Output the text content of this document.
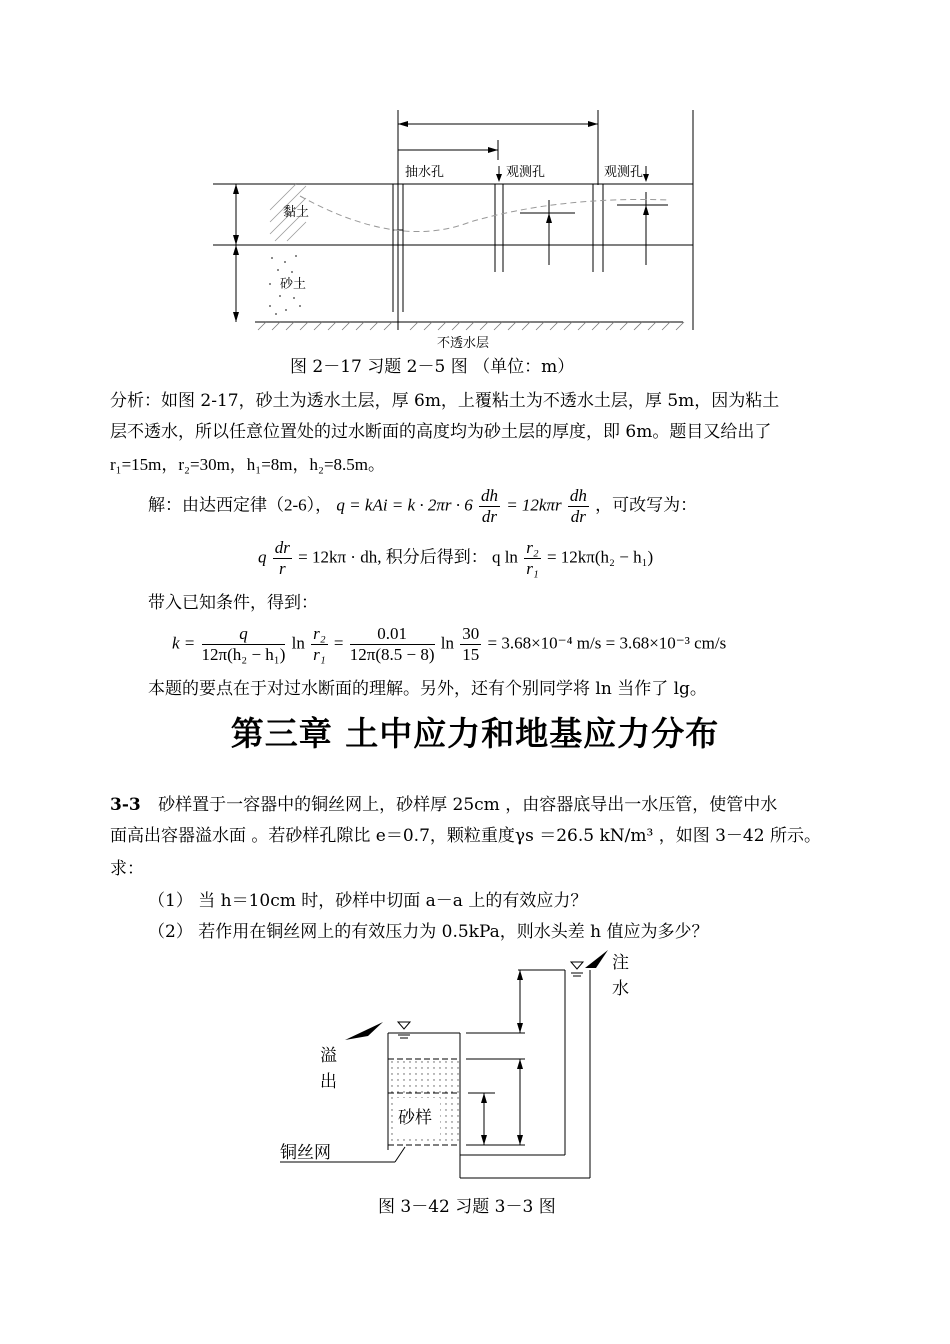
抽水孔	观测孔	观测孔
黏土
砂土
不透水层
图 2－17 习题 2－5 图 （单位：m）
分析：如图 2-17，砂土为透水土层，厚 6m，上覆粘土为不透水土层，厚 5m，因为粘土
层不透水，所以任意位置处的过水断面的高度均为砂土层的厚度，即 6m。题目又给出了
r₁=15m，r₂=30m，h₁=8m，h₂=8.5m。
解：由达西定律（2-6）， q = kAi = $k \cdot 2\pi r \cdot 6 \frac{dh}{dr} = 12k\pi r \frac{dh}{dr}$ ，可改写为：
q $\frac{dr}{r} = 12k\pi$ · dh, 积分后得到： q $\ln \frac{\text{r₂}}{\text{r₁}} = 12k\pi(h_2 - h_1)$
带入已知条件，得到：
$k = \frac{q}{\text{12π(h₂ − h₁)}}$ $\ln \frac{\text{r₂}}{\text{r₁}} = \frac{0.01}{12\pi(8.5 - 8)}$ $\ln \frac{30}{15} = 3.68\times 10^{-4}$ m/s = 3.68×10⁻³ cm/s
本题的要点在于对过水断面的理解。另外，还有个别同学将 ln 当作了 lg。
第三章 土中应力和地基应力分布
3-3 砂样置于一容器中的铜丝网上，砂样厚 25cm ，由容器底导出一水压管，使管中水
面高出容器溢水面 。若砂样孔隙比 e＝0.7，颗粒重度γs ＝26.5 kN/m³ ，如图 3－42 所示。
求：
（1） 当 h＝10cm 时，砂样中切面 a－a 上的有效应力？
（2） 若作用在铜丝网上的有效压力为 0.5kPa，则水头差 h 值应为多少？
注
水
溢
出
砂样
铜丝网
图 3－42 习题 3－3 图
